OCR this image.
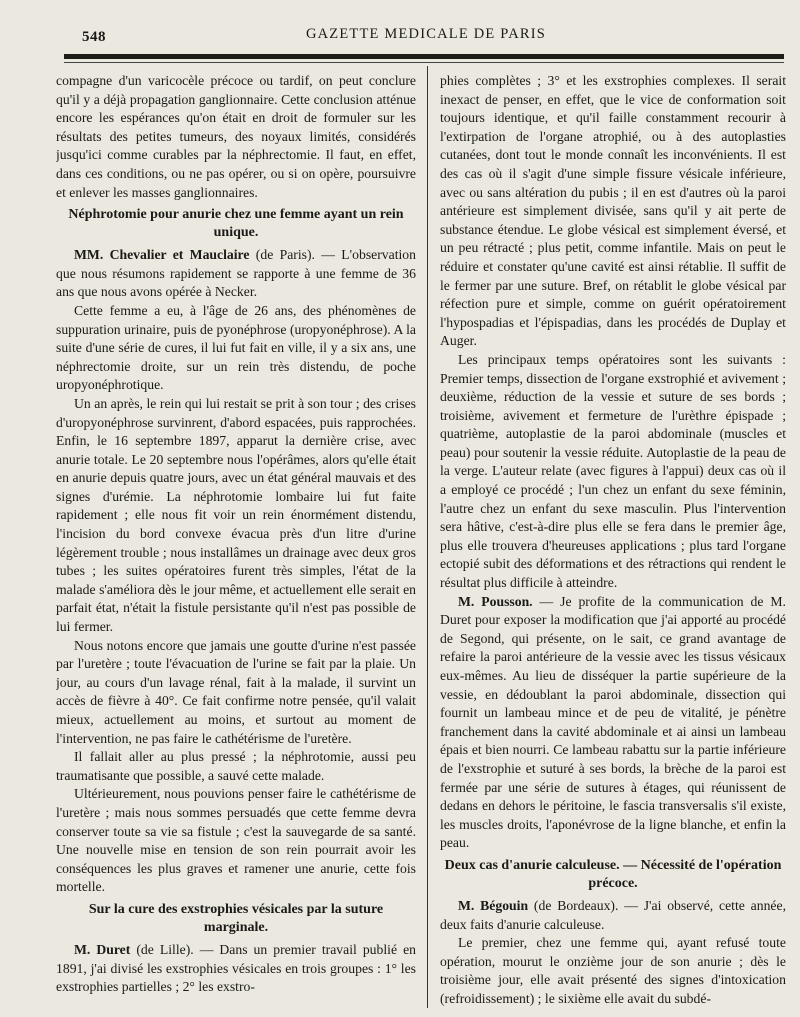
548	GAZETTE MEDICALE DE PARIS

compagne d'un varicocèle précoce ou tardif, on peut conclure qu'il y a déjà propagation ganglionnaire. Cette conclusion atténue encore les espérances qu'on était en droit de formuler sur les résultats des petites tumeurs, des noyaux limités, considérés jusqu'ici comme curables par la néphrectomie. Il faut, en effet, dans ces conditions, ou ne pas opérer, ou si on opère, poursuivre et enlever les masses ganglionnaires.

Néphrotomie pour anurie chez une femme ayant un rein unique.

MM. Chevalier et Mauclaire (de Paris). — L'observation que nous résumons rapidement se rapporte à une femme de 36 ans que nous avons opérée à Necker.

Cette femme a eu, à l'âge de 26 ans, des phénomènes de suppuration urinaire, puis de pyonéphrose (uropyonéphrose). A la suite d'une série de cures, il lui fut fait en ville, il y a six ans, une néphrectomie droite, sur un rein très distendu, de poche uropyonéphrotique.

Un an après, le rein qui lui restait se prit à son tour ; des crises d'uropyonéphrose survinrent, d'abord espacées, puis rapprochées. Enfin, le 16 septembre 1897, apparut la dernière crise, avec anurie totale. Le 20 septembre nous l'opérâmes, alors qu'elle était en anurie depuis quatre jours, avec un état général mauvais et des signes d'urémie. La néphrotomie lombaire lui fut faite rapidement ; elle nous fit voir un rein énormément distendu, l'incision du bord convexe évacua près d'un litre d'urine légèrement trouble ; nous installâmes un drainage avec deux gros tubes ; les suites opératoires furent très simples, l'état de la malade s'améliora dès le jour même, et actuellement elle serait en parfait état, n'était la fistule persistante qu'il n'est pas possible de lui fermer.

Nous notons encore que jamais une goutte d'urine n'est passée par l'uretère ; toute l'évacuation de l'urine se fait par la plaie. Un jour, au cours d'un lavage rénal, fait à la malade, il survint un accès de fièvre à 40°. Ce fait confirme notre pensée, qu'il valait mieux, actuellement au moins, et surtout au moment de l'intervention, ne pas faire le cathétérisme de l'uretère.

Il fallait aller au plus pressé ; la néphrotomie, aussi peu traumatisante que possible, a sauvé cette malade.

Ultérieurement, nous pouvions penser faire le cathétérisme de l'uretère ; mais nous sommes persuadés que cette femme devra conserver toute sa vie sa fistule ; c'est la sauvegarde de sa santé. Une nouvelle mise en tension de son rein pourrait avoir les conséquences les plus graves et ramener une anurie, cette fois mortelle.

Sur la cure des exstrophies vésicales par la suture marginale.

M. Duret (de Lille). — Dans un premier travail publié en 1891, j'ai divisé les exstrophies vésicales en trois groupes : 1° les exstrophies partielles ; 2° les exstro-

phies complètes ; 3° et les exstrophies complexes. Il serait inexact de penser, en effet, que le vice de conformation soit toujours identique, et qu'il faille constamment recourir à l'extirpation de l'organe atrophié, ou à des autoplasties cutanées, dont tout le monde connaît les inconvénients. Il est des cas où il s'agit d'une simple fissure vésicale inférieure, avec ou sans altération du pubis ; il en est d'autres où la paroi antérieure est simplement divisée, sans qu'il y ait perte de substance étendue. Le globe vésical est simplement éversé, et un peu rétracté ; plus petit, comme infantile. Mais on peut le réduire et constater qu'une cavité est ainsi rétablie. Il suffit de le fermer par une suture. Bref, on rétablit le globe vésical par réfection pure et simple, comme on guérit opératoirement l'hypospadias et l'épispadias, dans les procédés de Duplay et Auger.

Les principaux temps opératoires sont les suivants : Premier temps, dissection de l'organe exstrophié et avivement ; deuxième, réduction de la vessie et suture de ses bords ; troisième, avivement et fermeture de l'urèthre épispade ; quatrième, autoplastie de la paroi abdominale (muscles et peau) pour soutenir la vessie réduite. Autoplastie de la peau de la verge. L'auteur relate (avec figures à l'appui) deux cas où il a employé ce procédé ; l'un chez un enfant du sexe féminin, l'autre chez un enfant du sexe masculin. Plus l'intervention sera hâtive, c'est-à-dire plus elle se fera dans le premier âge, plus elle trouvera d'heureuses applications ; plus tard l'organe ectopié subit des déformations et des rétractions qui rendent le résultat plus difficile à atteindre.

M. Pousson. — Je profite de la communication de M. Duret pour exposer la modification que j'ai apporté au procédé de Segond, qui présente, on le sait, ce grand avantage de refaire la paroi antérieure de la vessie avec les tissus vésicaux eux-mêmes. Au lieu de disséquer la partie supérieure de la vessie, en dédoublant la paroi abdominale, dissection qui fournit un lambeau mince et de peu de vitalité, je pénètre franchement dans la cavité abdominale et ai ainsi un lambeau épais et bien nourri. Ce lambeau rabattu sur la partie inférieure de l'exstrophie et suturé à ses bords, la brèche de la paroi est fermée par une série de sutures à étages, qui réunissent de dedans en dehors le péritoine, le fascia transversalis s'il existe, les muscles droits, l'aponévrose de la ligne blanche, et enfin la peau.

Deux cas d'anurie calculeuse. — Nécessité de l'opération précoce.

M. Bégouin (de Bordeaux). — J'ai observé, cette année, deux faits d'anurie calculeuse.

Le premier, chez une femme qui, ayant refusé toute opération, mourut le onzième jour de son anurie ; dès le troisième jour, elle avait présenté des signes d'intoxication (refroidissement) ; le sixième elle avait du subdé-
